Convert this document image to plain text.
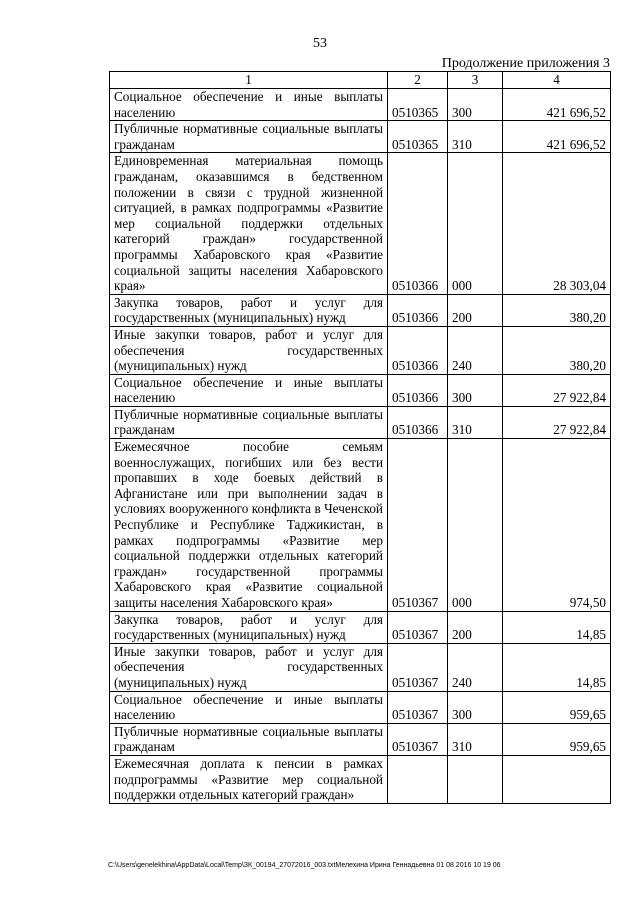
53
Продолжение приложения 3
1	2	3	4
Социальное обеспечение и иные выплаты населению	0510365	300	421 696,52
Публичные нормативные социальные выплаты гражданам	0510365	310	421 696,52
Единовременная материальная помощь гражданам, оказавшимся в бедственном положении в связи с трудной жизненной ситуацией, в рамках подпрограммы «Развитие мер социальной поддержки отдельных категорий граждан» государственной программы Хабаровского края «Развитие социальной защиты населения Хабаровского края»	0510366	000	28 303,04
Закупка товаров, работ и услуг для государственных (муниципальных) нужд	0510366	200	380,20
Иные закупки товаров, работ и услуг для обеспечения государственных (муниципальных) нужд	0510366	240	380,20
Социальное обеспечение и иные выплаты населению	0510366	300	27 922,84
Публичные нормативные социальные выплаты гражданам	0510366	310	27 922,84
Ежемесячное пособие семьям военнослужащих, погибших или без вести пропавших в ходе боевых действий в Афганистане или при выполнении задач в условиях вооруженного конфликта в Чеченской Республике и Республике Таджикистан, в рамках подпрограммы «Развитие мер социальной поддержки отдельных категорий граждан» государственной программы Хабаровского края «Развитие социальной защиты населения Хабаровского края»	0510367	000	974,50
Закупка товаров, работ и услуг для государственных (муниципальных) нужд	0510367	200	14,85
Иные закупки товаров, работ и услуг для обеспечения государственных (муниципальных) нужд	0510367	240	14,85
Социальное обеспечение и иные выплаты населению	0510367	300	959,65
Публичные нормативные социальные выплаты гражданам	0510367	310	959,65
Ежемесячная доплата к пенсии в рамках подпрограммы «Развитие мер социальной поддержки отдельных категорий граждан»			
C:\Users\genelekhina\AppData\Local\Temp\ЗК_00194_27072016_003.txtМелехина Ирина Геннадьевна 01 08 2016 10 19 06
